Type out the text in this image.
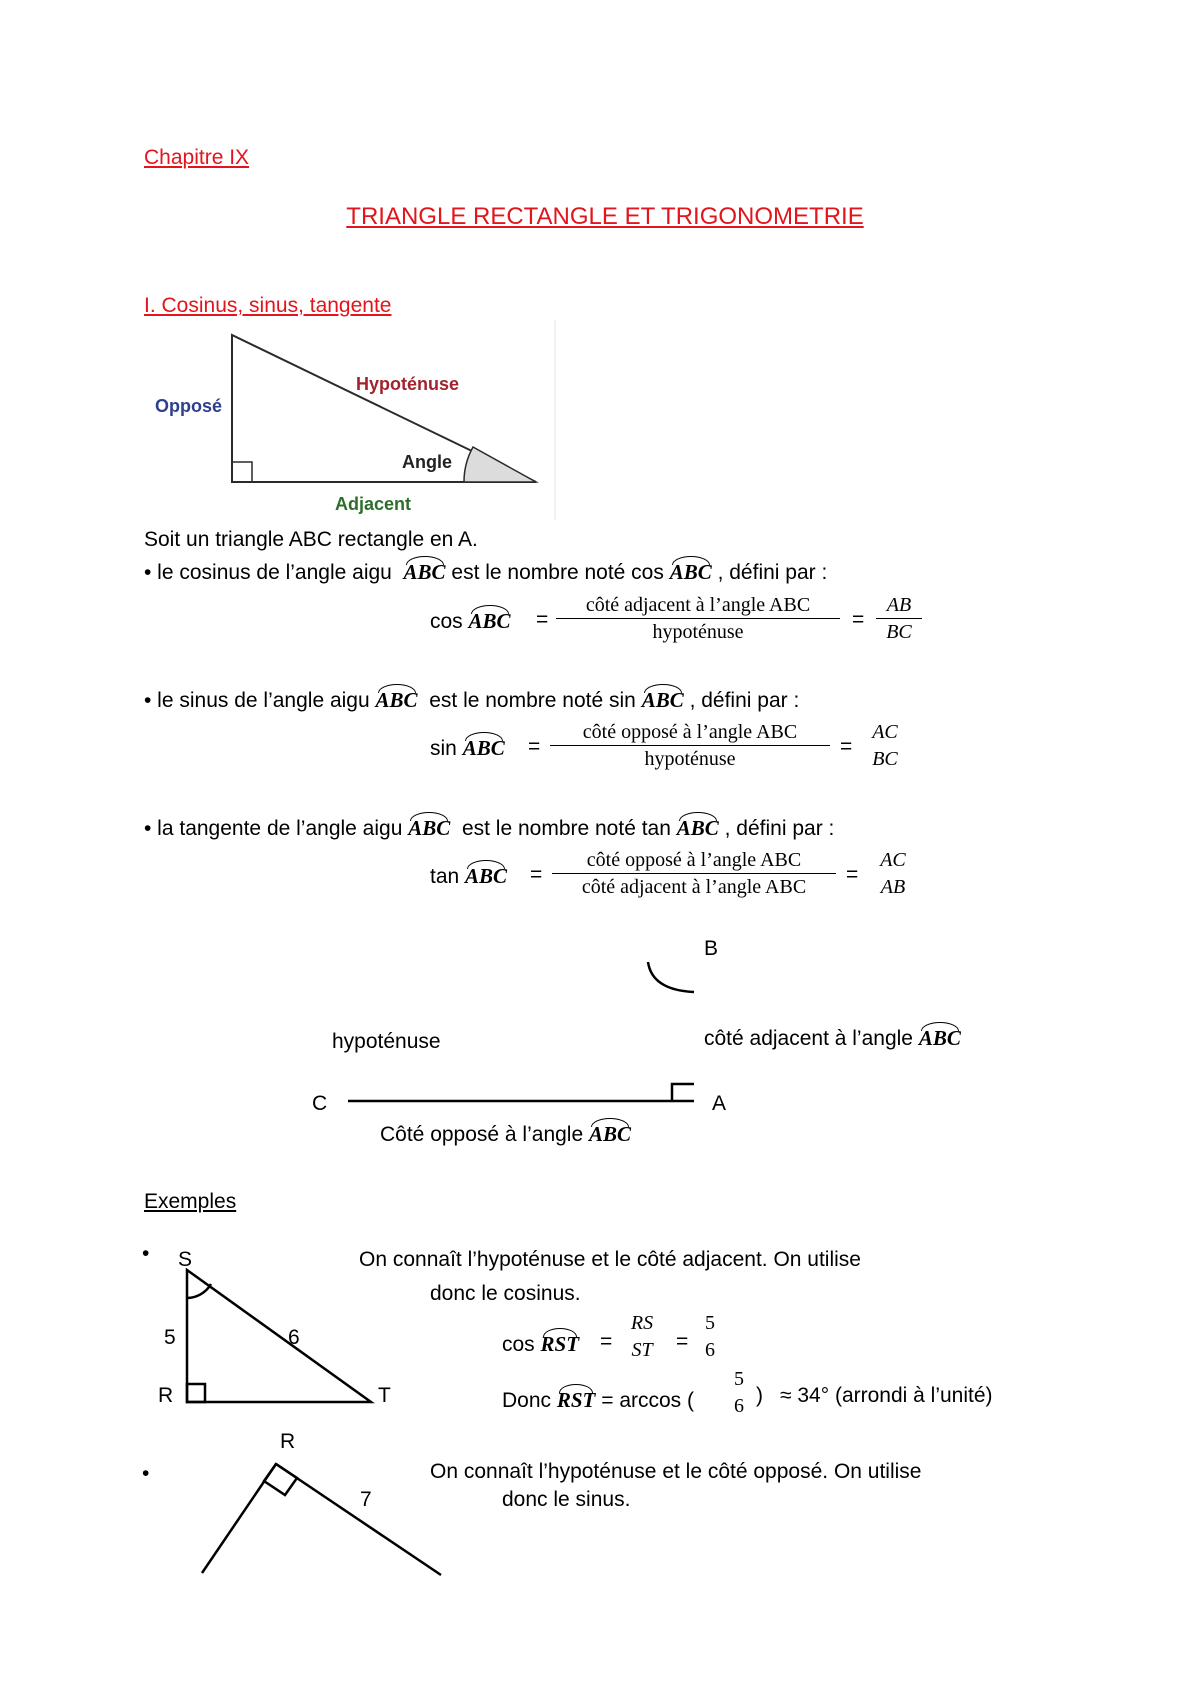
Chapitre IX
TRIANGLE RECTANGLE ET TRIGONOMETRIE
I. Cosinus, sinus, tangente
Opposé
Hypoténuse
Angle
Adjacent
Soit un triangle ABC rectangle en A.
• le cosinus de l’angle aigu ABC est le nombre noté cos ABC , défini par :
cos ABC =
côté adjacent à l’angle ABC
hypoténuse
=
AB
BC
• le sinus de l’angle aigu ABC est le nombre noté sin ABC , défini par :
sin ABC =
côté opposé à l’angle ABC
hypoténuse
=
AC
BC
• la tangente de l’angle aigu ABC est le nombre noté tan ABC , défini par :
tan ABC =
côté opposé à l’angle ABC
côté adjacent à l’angle ABC
=
AC
AB
B
hypoténuse	côté adjacent à l’angle ABC
C	A
Côté opposé à l’angle ABC
Exemples
• S
5	6
R	T
On connaît l’hypoténuse et le côté adjacent. On utilise
donc le cosinus.
cos RST =
RS
ST =
5
6
Donc RST = arccos (
5
6 ) ≈ 34° (arrondi à l’unité)
R
•
7
On connaît l’hypoténuse et le côté opposé. On utilise
donc le sinus.
